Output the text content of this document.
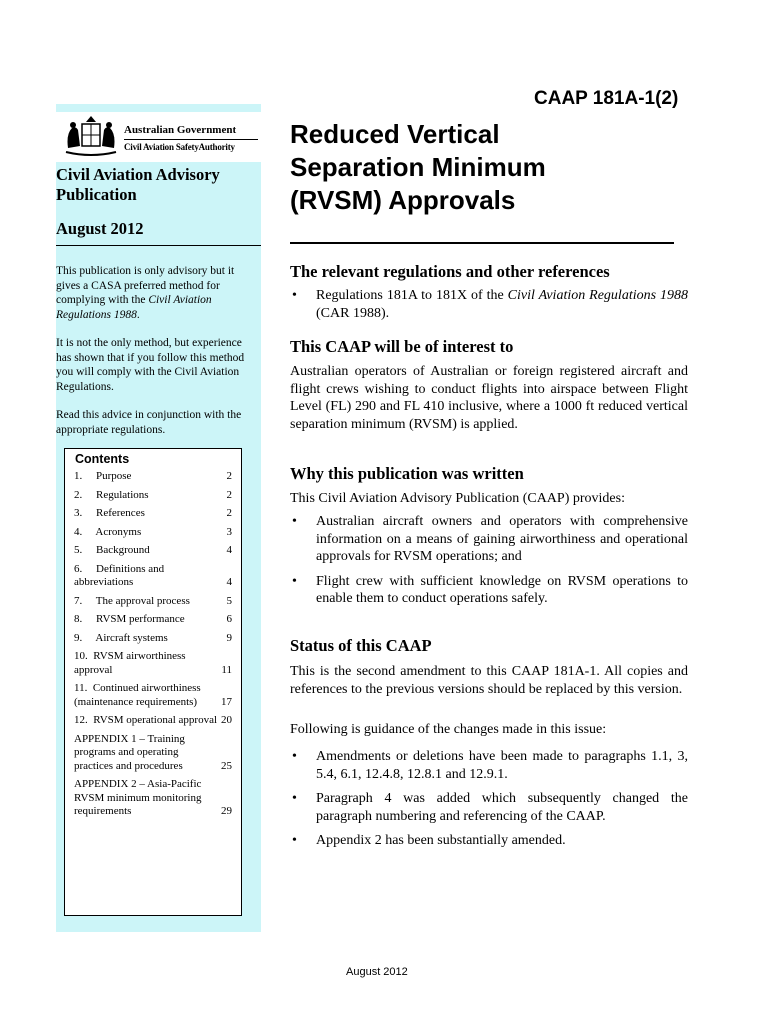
CAAP 181A-1(2)
Australian Government
Civil Aviation SafetyAuthority
Civil Aviation Advisory
Publication
August 2012
This publication is only advisory but it gives a CASA preferred method for complying with the Civil Aviation Regulations 1988.
It is not the only method, but experience has shown that if you follow this method you will comply with the Civil Aviation Regulations.
Read this advice in conjunction with the appropriate regulations.
Contents
1.     Purpose	2
2.     Regulations	2
3.     References	2
4.     Acronyms	3
5.     Background	4
6.     Definitions and abbreviations	4
7.     The approval process	5
8.     RVSM performance	6
9.     Aircraft systems	9
10.  RVSM airworthiness approval	11
11.  Continued airworthiness (maintenance requirements)	17
12.  RVSM operational approval 20
APPENDIX 1 – Training programs and operating practices and procedures	25
APPENDIX 2 – Asia-Pacific RVSM minimum monitoring requirements	29
Reduced Vertical
Separation Minimum
(RVSM) Approvals
The relevant regulations and other references
• Regulations 181A to 181X of the Civil Aviation Regulations 1988 (CAR 1988).
This CAAP will be of interest to

Australian operators of Australian or foreign registered aircraft and flight crews wishing to conduct flights into airspace between Flight Level (FL) 290 and FL 410 inclusive, where a 1000 ft reduced vertical separation minimum (RVSM) is applied.

Why this publication was written

This Civil Aviation Advisory Publication (CAAP) provides:

• Australian aircraft owners and operators with comprehensive information on a means of gaining airworthiness and operational approvals for RVSM operations; and
• Flight crew with sufficient knowledge on RVSM operations to enable them to conduct operations safely.
Status of this CAAP

This is the second amendment to this CAAP 181A-1. All copies and references to the previous versions should be replaced by this version.

Following is guidance of the changes made in this issue:

• Amendments or deletions have been made to paragraphs 1.1, 3, 5.4, 6.1, 12.4.8, 12.8.1 and 12.9.1.
• Paragraph 4 was added which subsequently changed the paragraph numbering and referencing of the CAAP.
• Appendix 2 has been substantially amended.
August 2012
